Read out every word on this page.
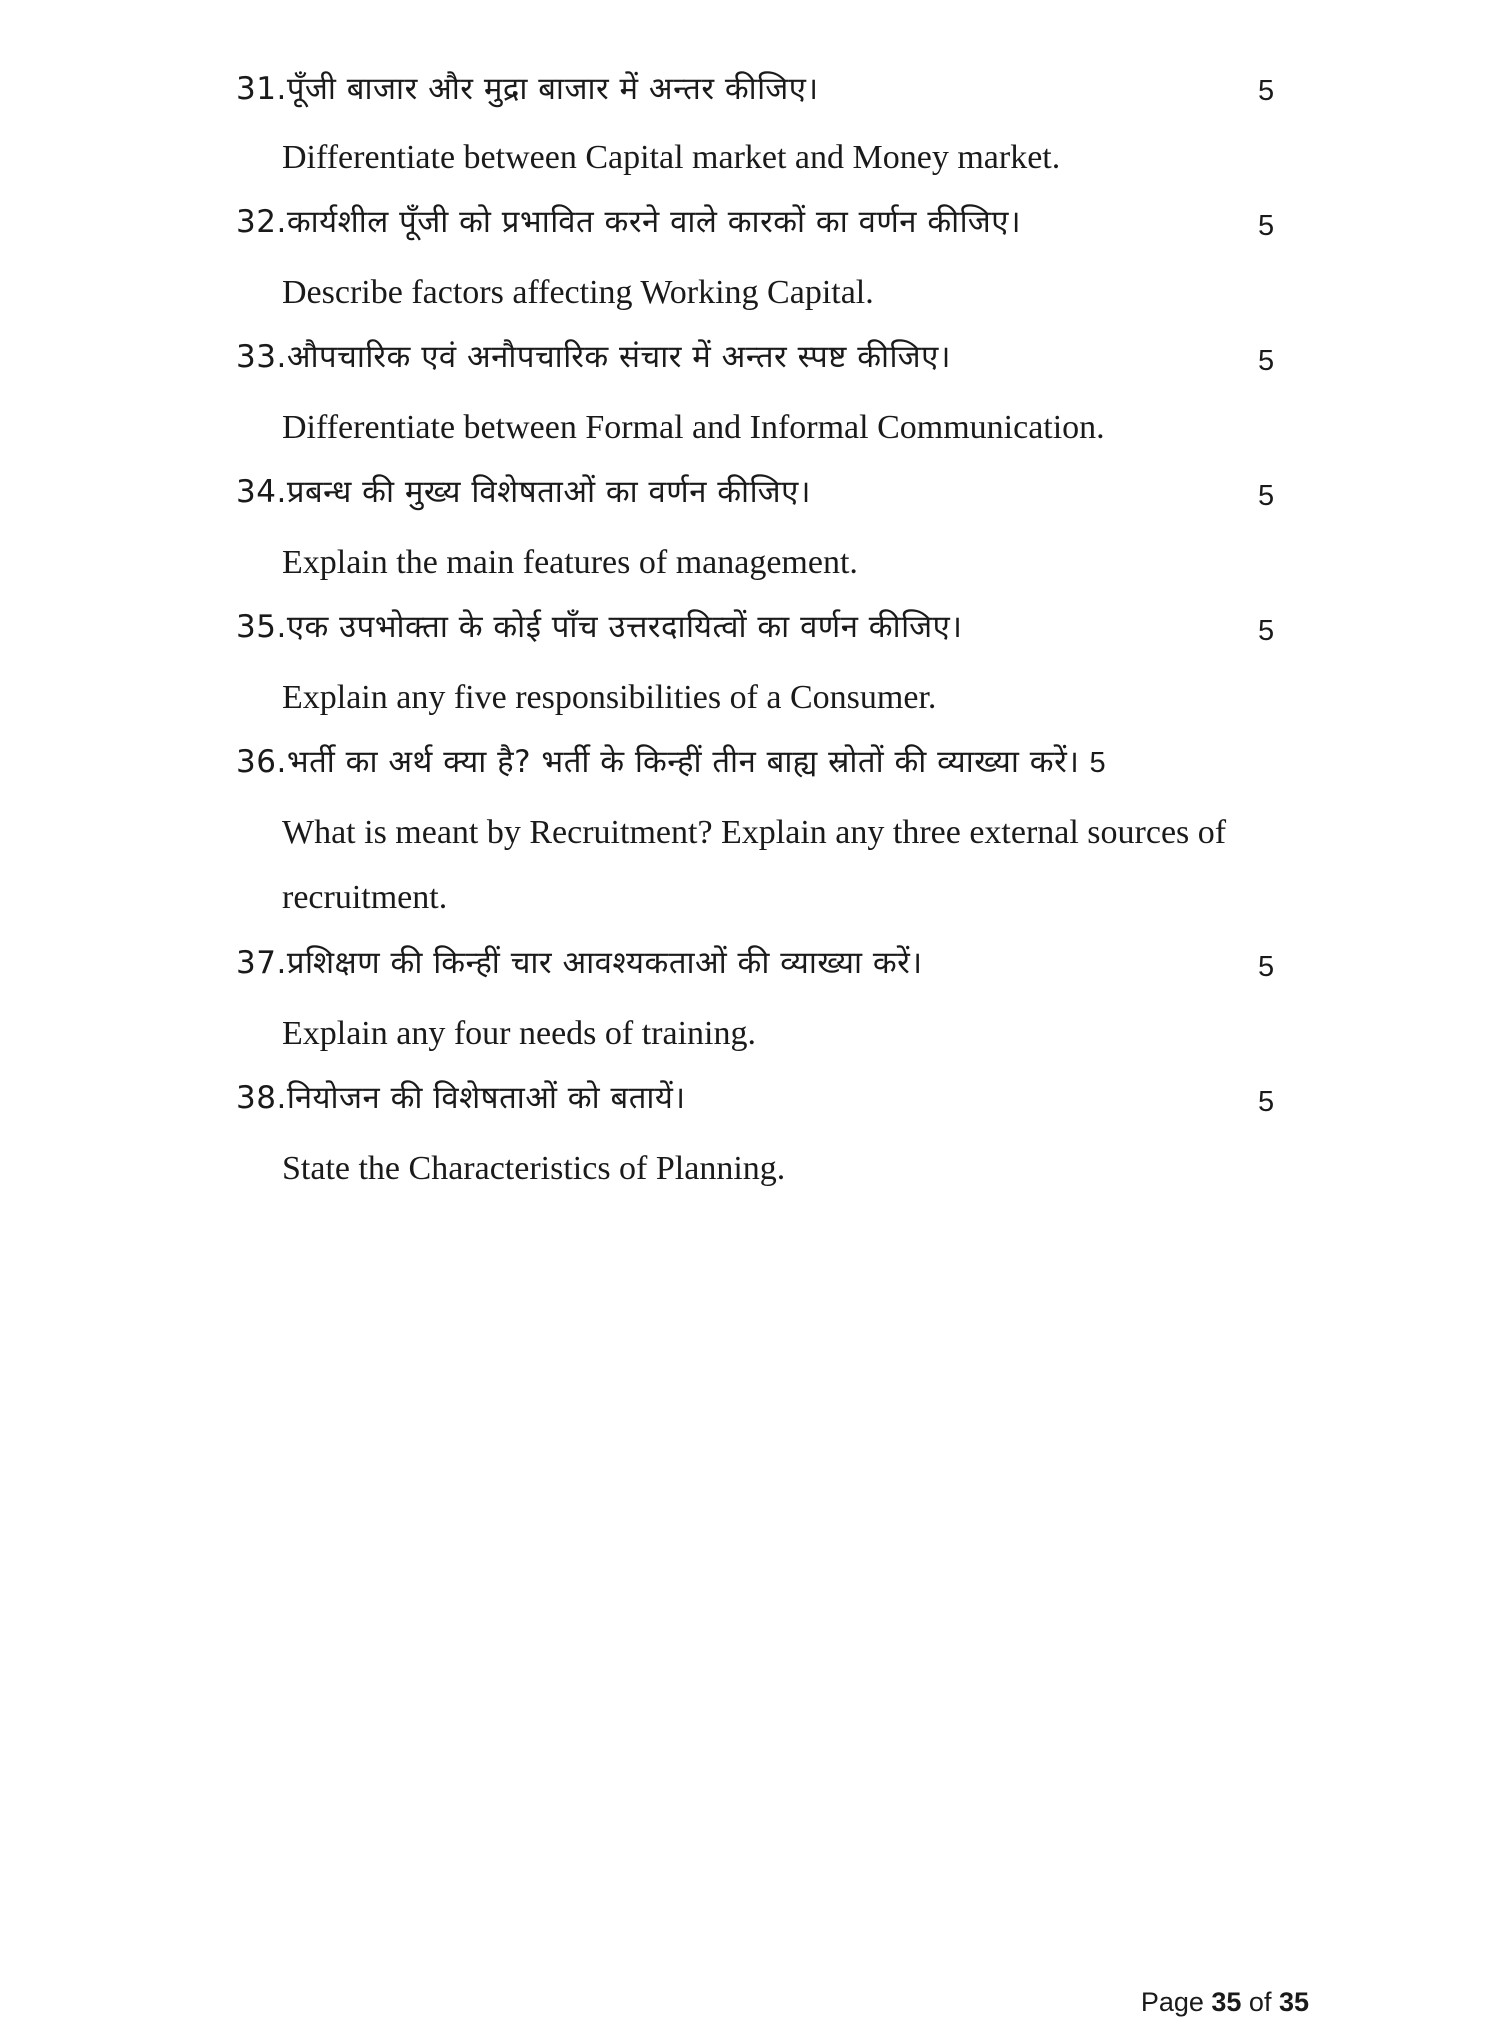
31.पूँजी बाजार और मुद्रा बाजार में अन्तर कीजिए।	5
Differentiate between Capital market and Money market.
32.कार्यशील पूँजी को प्रभावित करने वाले कारकों का वर्णन कीजिए।	5
Describe factors affecting Working Capital.
33.औपचारिक एवं अनौपचारिक संचार में अन्तर स्पष्ट कीजिए।	5
Differentiate between Formal and Informal Communication.
34.प्रबन्ध की मुख्य विशेषताओं का वर्णन कीजिए।	5
Explain the main features of management.
35.एक उपभोक्ता के कोई पाँच उत्तरदायित्वों का वर्णन कीजिए।	5
Explain any five responsibilities of a Consumer.
36.भर्ती का अर्थ क्या है? भर्ती के किन्हीं तीन बाह्य स्रोतों की व्याख्या करें। 5
What is meant by Recruitment? Explain any three external sources of
recruitment.
37.प्रशिक्षण की किन्हीं चार आवश्यकताओं की व्याख्या करें।	5
Explain any four needs of training.
38.नियोजन की विशेषताओं को बतायें।	5
State the Characteristics of Planning.
Page 35 of 35
